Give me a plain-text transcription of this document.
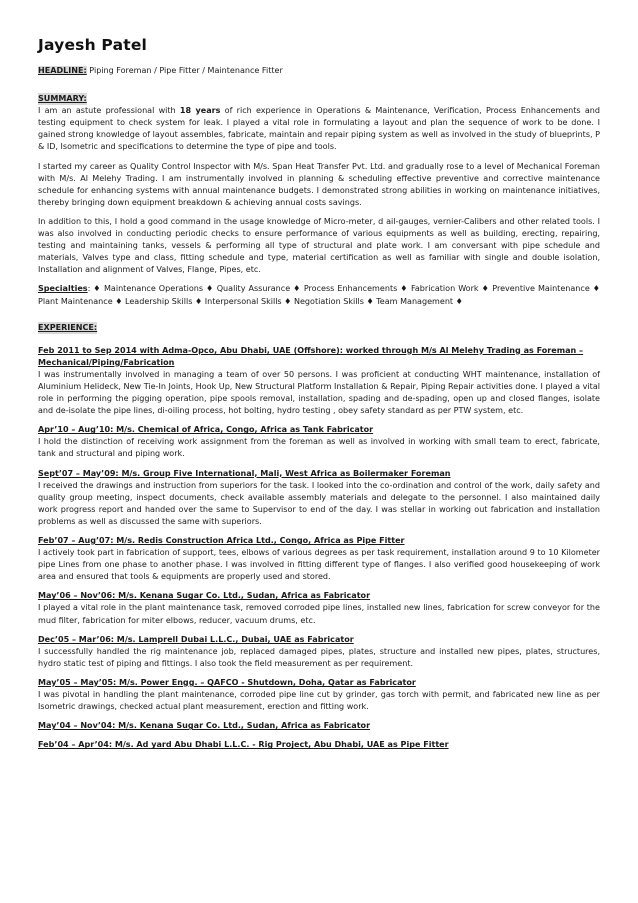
Jayesh Patel

HEADLINE: Piping Foreman / Pipe Fitter / Maintenance Fitter

SUMMARY:

I am an astute professional with 18 years of rich experience in Operations & Maintenance, Verification, Process Enhancements and testing equipment to check system for leak. I played a vital role in formulating a layout and plan the sequence of work to be done. I gained strong knowledge of layout assembles, fabricate, maintain and repair piping system as well as involved in the study of blueprints, P & ID, Isometric and specifications to determine the type of pipe and tools.

I started my career as Quality Control Inspector with M/s. Span Heat Transfer Pvt. Ltd. and gradually rose to a level of Mechanical Foreman with M/s. Al Melehy Trading. I am instrumentally involved in planning & scheduling effective preventive and corrective maintenance schedule for enhancing systems with annual maintenance budgets. I demonstrated strong abilities in working on maintenance initiatives, thereby bringing down equipment breakdown & achieving annual costs savings.

In addition to this, I hold a good command in the usage knowledge of Micro-meter, d ail-gauges, vernier-Calibers and other related tools. I was also involved in conducting periodic checks to ensure performance of various equipments as well as building, erecting, repairing, testing and maintaining tanks, vessels & performing all type of structural and plate work. I am conversant with pipe schedule and materials, Valves type and class, fitting schedule and type, material certification as well as familiar with single and double isolation, Installation and alignment of Valves, Flange, Pipes, etc.

Specialties: ♦ Maintenance Operations ♦ Quality Assurance ♦ Process Enhancements ♦ Fabrication Work ♦ Preventive Maintenance ♦ Plant Maintenance ♦ Leadership Skills ♦ Interpersonal Skills ♦ Negotiation Skills ♦ Team Management ♦

EXPERIENCE:
Feb 2011 to Sep 2014 with Adma-Opco, Abu Dhabi, UAE (Offshore): worked through M/s Al Melehy Trading as Foreman – Mechanical/Piping/Fabrication

I was instrumentally involved in managing a team of over 50 persons. I was proficient at conducting WHT maintenance, installation of Aluminium Helideck, New Tie-In Joints, Hook Up, New Structural Platform Installation & Repair, Piping Repair activities done. I played a vital role in performing the pigging operation, pipe spools removal, installation, spading and de-spading, open up and closed flanges, isolate and de-isolate the pipe lines, di-oiling process, hot bolting, hydro testing , obey safety standard as per PTW system, etc.

Apr’10 – Aug’10: M/s. Chemical of Africa, Congo, Africa as Tank Fabricator

I hold the distinction of receiving work assignment from the foreman as well as involved in working with small team to erect, fabricate, tank and structural and piping work.

Sept’07 – May’09: M/s. Group Five International, Mali, West Africa as Boilermaker Foreman

I received the drawings and instruction from superiors for the task. I looked into the co-ordination and control of the work, daily safety and quality group meeting, inspect documents, check available assembly materials and delegate to the personnel. I also maintained daily work progress report and handed over the same to Supervisor to end of the day. I was stellar in working out fabrication and installation problems as well as discussed the same with superiors.

Feb’07 – Aug’07: M/s. Redis Construction Africa Ltd., Congo, Africa as Pipe Fitter

I actively took part in fabrication of support, tees, elbows of various degrees as per task requirement, installation around 9 to 10 Kilometer pipe Lines from one phase to another phase. I was involved in fitting different type of flanges. I also verified good housekeeping of work area and ensured that tools & equipments are properly used and stored.

May’06 – Nov’06: M/s. Kenana Sugar Co. Ltd., Sudan, Africa as Fabricator

I played a vital role in the plant maintenance task, removed corroded pipe lines, installed new lines, fabrication for screw conveyor for the mud filter, fabrication for miter elbows, reducer, vacuum drums, etc.

Dec’05 – Mar’06: M/s. Lamprell Dubai L.L.C., Dubai, UAE as Fabricator

I successfully handled the rig maintenance job, replaced damaged pipes, plates, structure and installed new pipes, plates, structures, hydro static test of piping and fittings. I also took the field measurement as per requirement.

May’05 – May’05: M/s. Power Engg. – QAFCO - Shutdown, Doha, Qatar as Fabricator

I was pivotal in handling the plant maintenance, corroded pipe line cut by grinder, gas torch with permit, and fabricated new line as per Isometric drawings, checked actual plant measurement, erection and fitting work.

May’04 – Nov’04: M/s. Kenana Sugar Co. Ltd., Sudan, Africa as Fabricator
Feb’04 – Apr’04: M/s. Ad yard Abu Dhabi L.L.C. - Rig Project, Abu Dhabi, UAE as Pipe Fitter
